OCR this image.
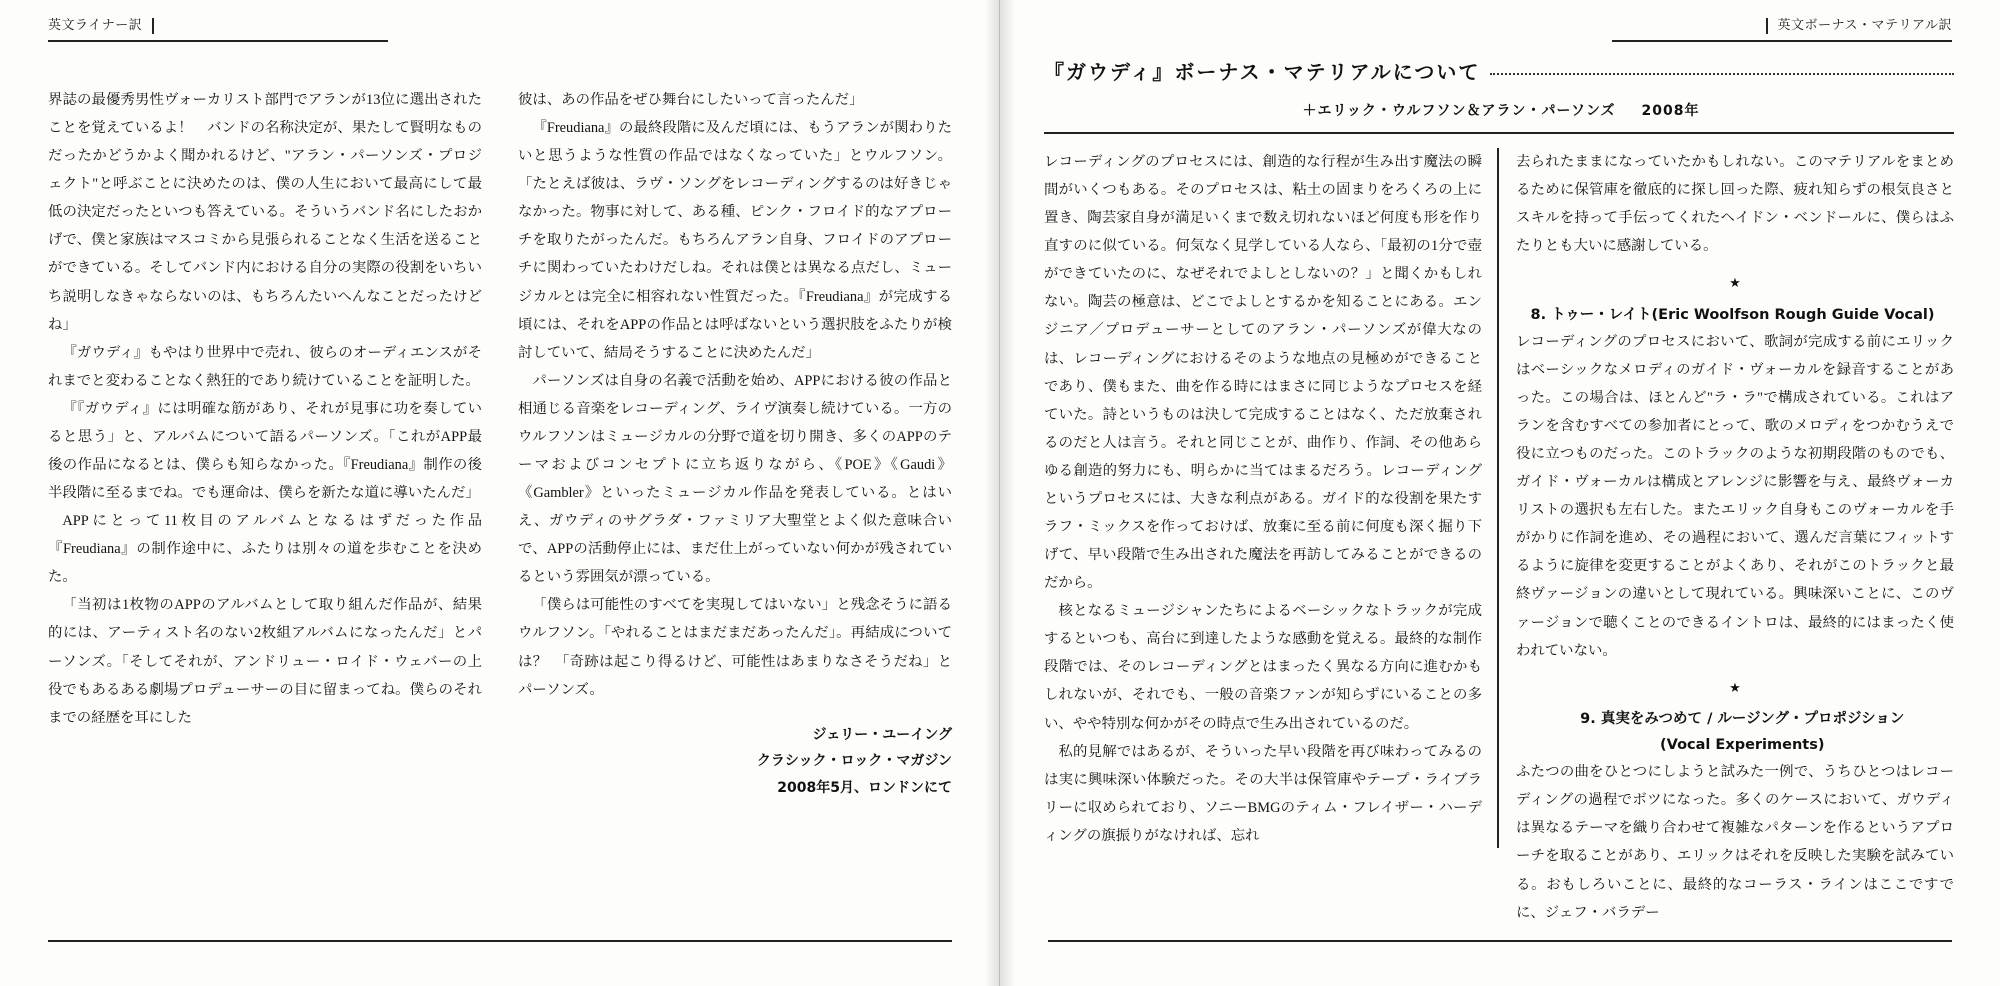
英文ライナー訳

界誌の最優秀男性ヴォーカリスト部門でアランが13位に選出されたことを覚えているよ！　バンドの名称決定が、果たして賢明なものだったかどうかよく聞かれるけど、"アラン・パーソンズ・プロジェクト"と呼ぶことに決めたのは、僕の人生において最高にして最低の決定だったといつも答えている。そういうバンド名にしたおかげで、僕と家族はマスコミから見張られることなく生活を送ることができている。そしてバンド内における自分の実際の役割をいちいち説明しなきゃならないのは、もちろんたいへんなことだったけどね」

『ガウディ』もやはり世界中で売れ、彼らのオーディエンスがそれまでと変わることなく熱狂的であり続けていることを証明した。

『『ガウディ』には明確な筋があり、それが見事に功を奏していると思う」と、アルバムについて語るパーソンズ。「これがAPP最後の作品になるとは、僕らも知らなかった。『Freudiana』制作の後半段階に至るまでね。でも運命は、僕らを新たな道に導いたんだ」

APPにとって11枚目のアルバムとなるはずだった作品『Freudiana』の制作途中に、ふたりは別々の道を歩むことを決めた。

「当初は1枚物のAPPのアルバムとして取り組んだ作品が、結果的には、アーティスト名のない2枚組アルバムになったんだ」とパーソンズ。「そしてそれが、アンドリュー・ロイド・ウェバーの上役でもあるある劇場プロデューサーの目に留まってね。僕らのそれまでの経歴を耳にした

彼は、あの作品をぜひ舞台にしたいって言ったんだ」

『Freudiana』の最終段階に及んだ頃には、もうアランが関わりたいと思うような性質の作品ではなくなっていた」とウルフソン。「たとえば彼は、ラヴ・ソングをレコーディングするのは好きじゃなかった。物事に対して、ある種、ピンク・フロイド的なアプローチを取りたがったんだ。もちろんアラン自身、フロイドのアプローチに関わっていたわけだしね。それは僕とは異なる点だし、ミュージカルとは完全に相容れない性質だった。『Freudiana』が完成する頃には、それをAPPの作品とは呼ばないという選択肢をふたりが検討していて、結局そうすることに決めたんだ」

パーソンズは自身の名義で活動を始め、APPにおける彼の作品と相通じる音楽をレコーディング、ライヴ演奏し続けている。一方のウルフソンはミュージカルの分野で道を切り開き、多くのAPPのテーマおよびコンセプトに立ち返りながら、《POE》《Gaudi》《Gambler》といったミュージカル作品を発表している。とはいえ、ガウディのサグラダ・ファミリア大聖堂とよく似た意味合いで、APPの活動停止には、まだ仕上がっていない何かが残されているという雰囲気が漂っている。

「僕らは可能性のすべてを実現してはいない」と残念そうに語るウルフソン。「やれることはまだまだあったんだ」。再結成については？　「奇跡は起こり得るけど、可能性はあまりなさそうだね」とパーソンズ。

ジェリー・ユーイング
クラシック・ロック・マガジン
2008年5月、ロンドンにて
英文ボーナス・マテリアル訳
『ガウディ』ボーナス・マテリアルについて
＋エリック・ウルフソン＆アラン・パーソンズ 2008年

レコーディングのプロセスには、創造的な行程が生み出す魔法の瞬間がいくつもある。そのプロセスは、粘土の固まりをろくろの上に置き、陶芸家自身が満足いくまで数え切れないほど何度も形を作り直すのに似ている。何気なく見学している人なら、「最初の1分で壺ができていたのに、なぜそれでよしとしないの？」と聞くかもしれない。陶芸の極意は、どこでよしとするかを知ることにある。エンジニア／プロデューサーとしてのアラン・パーソンズが偉大なのは、レコーディングにおけるそのような地点の見極めができることであり、僕もまた、曲を作る時にはまさに同じようなプロセスを経ていた。詩というものは決して完成することはなく、ただ放棄されるのだと人は言う。それと同じことが、曲作り、作詞、その他あらゆる創造的努力にも、明らかに当てはまるだろう。レコーディングというプロセスには、大きな利点がある。ガイド的な役割を果たすラフ・ミックスを作っておけば、放棄に至る前に何度も深く掘り下げて、早い段階で生み出された魔法を再訪してみることができるのだから。

核となるミュージシャンたちによるベーシックなトラックが完成するといつも、高台に到達したような感動を覚える。最終的な制作段階では、そのレコーディングとはまったく異なる方向に進むかもしれないが、それでも、一般の音楽ファンが知らずにいることの多い、やや特別な何かがその時点で生み出されているのだ。

私的見解ではあるが、そういった早い段階を再び味わってみるのは実に興味深い体験だった。その大半は保管庫やテープ・ライブラリーに収められており、ソニーBMGのティム・フレイザー・ハーディングの旗振りがなければ、忘れ

去られたままになっていたかもしれない。このマテリアルをまとめるために保管庫を徹底的に探し回った際、疲れ知らずの根気良さとスキルを持って手伝ってくれたヘイドン・ベンドールに、僕らはふたりとも大いに感謝している。

★

8. トゥー・レイト(Eric Woolfson Rough Guide Vocal)

レコーディングのプロセスにおいて、歌詞が完成する前にエリックはベーシックなメロディのガイド・ヴォーカルを録音することがあった。この場合は、ほとんど"ラ・ラ"で構成されている。これはアランを含むすべての参加者にとって、歌のメロディをつかむうえで役に立つものだった。このトラックのような初期段階のものでも、ガイド・ヴォーカルは構成とアレンジに影響を与え、最終ヴォーカリストの選択も左右した。またエリック自身もこのヴォーカルを手がかりに作詞を進め、その過程において、選んだ言葉にフィットするように旋律を変更することがよくあり、それがこのトラックと最終ヴァージョンの違いとして現れている。興味深いことに、このヴァージョンで聴くことのできるイントロは、最終的にはまったく使われていない。

★

9. 真実をみつめて / ルージング・プロポジション

(Vocal Experiments)

ふたつの曲をひとつにしようと試みた一例で、うちひとつはレコーディングの過程でボツになった。多くのケースにおいて、ガウディは異なるテーマを織り合わせて複雑なパターンを作るというアプローチを取ることがあり、エリックはそれを反映した実験を試みている。おもしろいことに、最終的なコーラス・ラインはここですでに、ジェフ・バラデー
